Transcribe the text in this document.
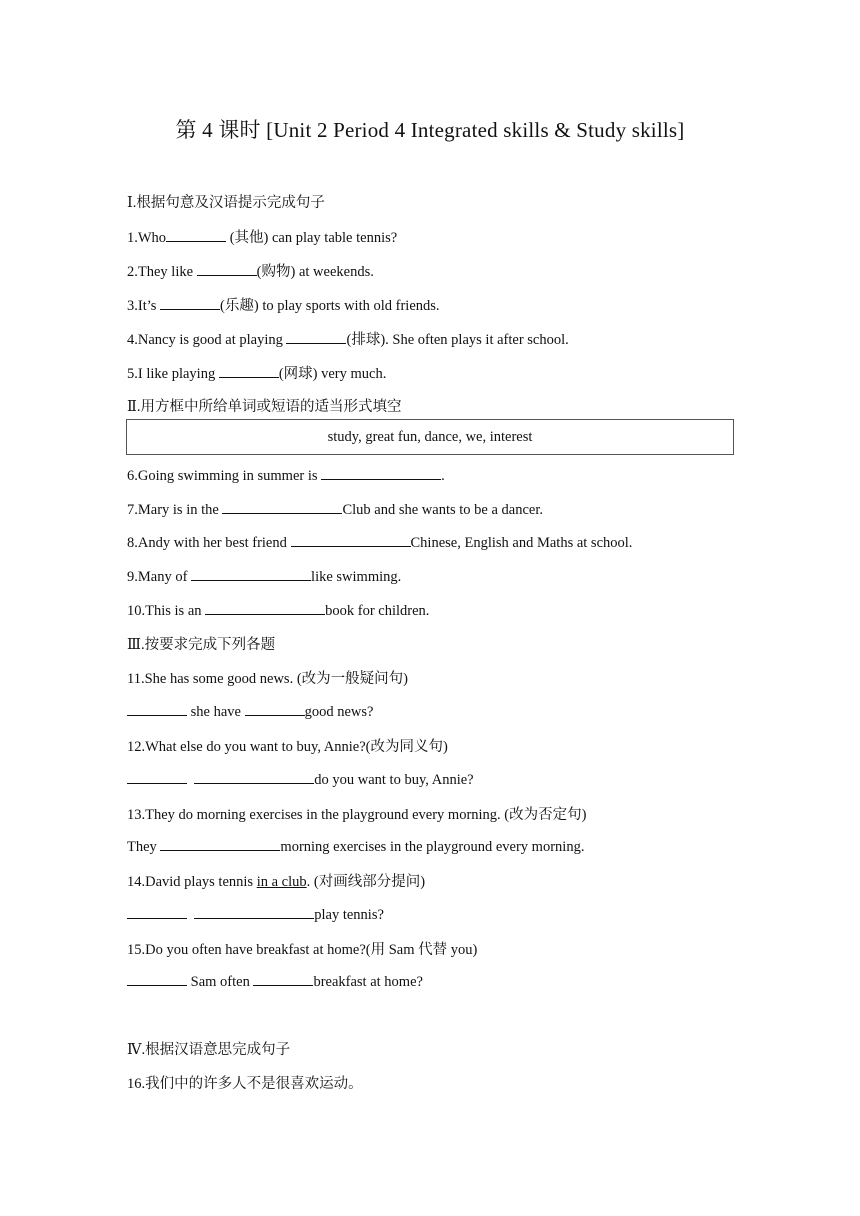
第 4 课时 [Unit 2 Period 4 Integrated skills & Study skills]
Ⅰ.根据句意及汉语提示完成句子
1.Who	(其他) can play table tennis?
2.They like	(购物) at weekends.
3.It’s	(乐趣) to play sports with old friends.
4.Nancy is good at playing	(排球). She often plays it after school.
5.I like playing	(网球) very much.
Ⅱ.用方框中所给单词或短语的适当形式填空
study, great fun, dance, we, interest
6.Going swimming in summer is	.
7.Mary is in the	Club and she wants to be a dancer.
8.Andy with her best friend	Chinese, English and Maths at school.
9.Many of	like swimming.
10.This is an	book for children.
Ⅲ.按要求完成下列各题
11.She has some good news. (改为一般疑问句)
she have	good news?
12.What else do you want to buy, Annie?(改为同义句)
do you want to buy, Annie?
13.They do morning exercises in the playground every morning. (改为否定句)
They	morning exercises in the playground every morning.
14.David plays tennis in a club. (对画线部分提问)
play tennis?
15.Do you often have breakfast at home?(用 Sam 代替 you)
Sam often	breakfast at home?
Ⅳ.根据汉语意思完成句子
16.我们中的许多人不是很喜欢运动。
